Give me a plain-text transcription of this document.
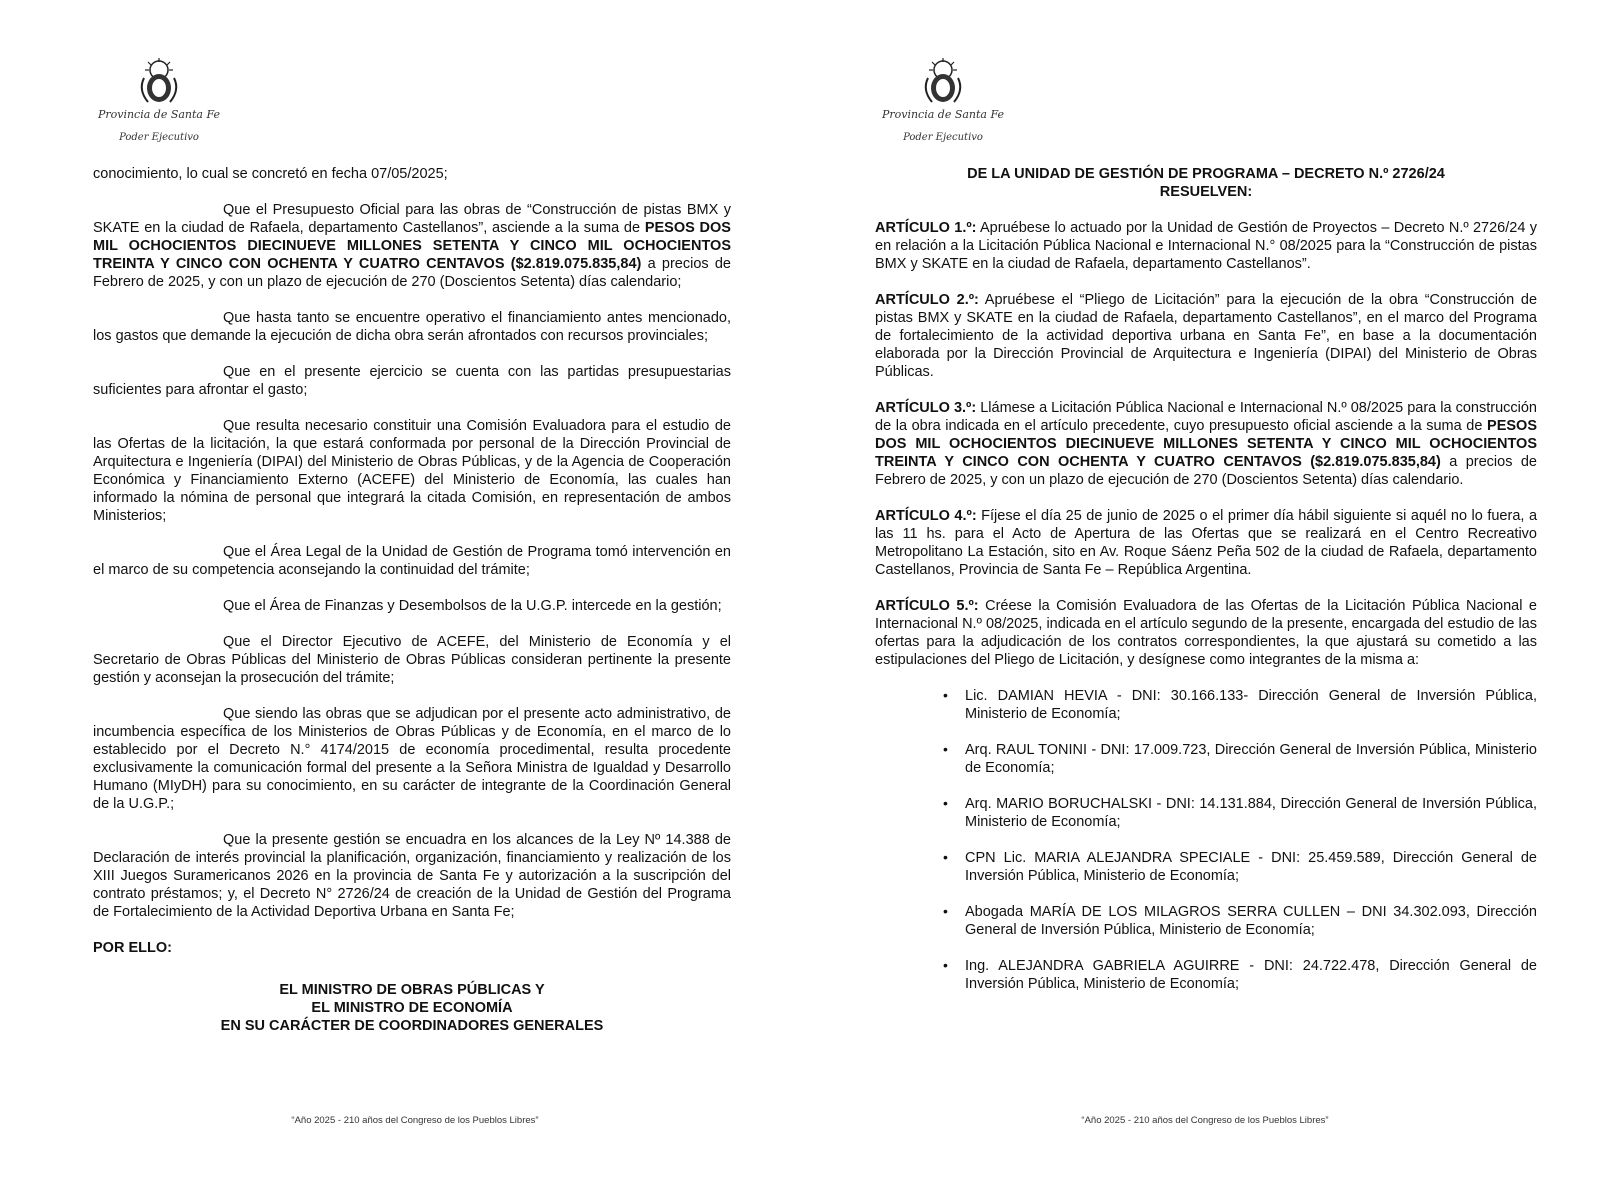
Provincia de Santa Fe
Poder Ejecutivo

conocimiento, lo cual se concretó en fecha 07/05/2025;

Que el Presupuesto Oficial para las obras de “Construcción de pistas BMX y SKATE en la ciudad de Rafaela, departamento Castellanos”, asciende a la suma de PESOS DOS MIL OCHOCIENTOS DIECINUEVE MILLONES SETENTA Y CINCO MIL OCHOCIENTOS TREINTA Y CINCO CON OCHENTA Y CUATRO CENTAVOS ($2.819.075.835,84) a precios de Febrero de 2025, y con un plazo de ejecución de 270 (Doscientos Setenta) días calendario;

Que hasta tanto se encuentre operativo el financiamiento antes mencionado, los gastos que demande la ejecución de dicha obra serán afrontados con recursos provinciales;

Que en el presente ejercicio se cuenta con las partidas presupuestarias suficientes para afrontar el gasto;

Que resulta necesario constituir una Comisión Evaluadora para el estudio de las Ofertas de la licitación, la que estará conformada por personal de la Dirección Provincial de Arquitectura e Ingeniería (DIPAI) del Ministerio de Obras Públicas, y de la Agencia de Cooperación Económica y Financiamiento Externo (ACEFE) del Ministerio de Economía, las cuales han informado la nómina de personal que integrará la citada Comisión, en representación de ambos Ministerios;

Que el Área Legal de la Unidad de Gestión de Programa tomó intervención en el marco de su competencia aconsejando la continuidad del trámite;

Que el Área de Finanzas y Desembolsos de la U.G.P. intercede en la gestión;

Que el Director Ejecutivo de ACEFE, del Ministerio de Economía y el Secretario de Obras Públicas del Ministerio de Obras Públicas consideran pertinente la presente gestión y aconsejan la prosecución del trámite;

Que siendo las obras que se adjudican por el presente acto administrativo, de incumbencia específica de los Ministerios de Obras Públicas y de Economía, en el marco de lo establecido por el Decreto N.° 4174/2015 de economía procedimental, resulta procedente exclusivamente la comunicación formal del presente a la Señora Ministra de Igualdad y Desarrollo Humano (MIyDH) para su conocimiento, en su carácter de integrante de la Coordinación General de la U.G.P.;

Que la presente gestión se encuadra en los alcances de la Ley Nº 14.388 de Declaración de interés provincial la planificación, organización, financiamiento y realización de los XIII Juegos Suramericanos 2026 en la provincia de Santa Fe y autorización a la suscripción del contrato préstamos; y, el Decreto N° 2726/24 de creación de la Unidad de Gestión del Programa de Fortalecimiento de la Actividad Deportiva Urbana en Santa Fe;

POR ELLO:
EL MINISTRO DE OBRAS PÚBLICAS Y
EL MINISTRO DE ECONOMÍA
EN SU CARÁCTER DE COORDINADORES GENERALES
“Año 2025 - 210 años del Congreso de los Pueblos Libres”
Provincia de Santa Fe
Poder Ejecutivo
DE LA UNIDAD DE GESTIÓN DE PROGRAMA – DECRETO N.º 2726/24
RESUELVEN:

ARTÍCULO 1.º: Apruébese lo actuado por la Unidad de Gestión de Proyectos – Decreto N.º 2726/24 y en relación a la Licitación Pública Nacional e Internacional N.° 08/2025 para la “Construcción de pistas BMX y SKATE en la ciudad de Rafaela, departamento Castellanos”.

ARTÍCULO 2.º: Apruébese el “Pliego de Licitación” para la ejecución de la obra “Construcción de pistas BMX y SKATE en la ciudad de Rafaela, departamento Castellanos”, en el marco del Programa de fortalecimiento de la actividad deportiva urbana en Santa Fe”, en base a la documentación elaborada por la Dirección Provincial de Arquitectura e Ingeniería (DIPAI) del Ministerio de Obras Públicas.

ARTÍCULO 3.º: Llámese a Licitación Pública Nacional e Internacional N.º 08/2025 para la construcción de la obra indicada en el artículo precedente, cuyo presupuesto oficial asciende a la suma de PESOS DOS MIL OCHOCIENTOS DIECINUEVE MILLONES SETENTA Y CINCO MIL OCHOCIENTOS TREINTA Y CINCO CON OCHENTA Y CUATRO CENTAVOS ($2.819.075.835,84) a precios de Febrero de 2025, y con un plazo de ejecución de 270 (Doscientos Setenta) días calendario.

ARTÍCULO 4.º: Fíjese el día 25 de junio de 2025 o el primer día hábil siguiente si aquél no lo fuera, a las 11 hs. para el Acto de Apertura de las Ofertas que se realizará en el Centro Recreativo Metropolitano La Estación, sito en Av. Roque Sáenz Peña 502 de la ciudad de Rafaela, departamento Castellanos, Provincia de Santa Fe – República Argentina.

ARTÍCULO 5.º: Créese la Comisión Evaluadora de las Ofertas de la Licitación Pública Nacional e Internacional N.º 08/2025, indicada en el artículo segundo de la presente, encargada del estudio de las ofertas para la adjudicación de los contratos correspondientes, la que ajustará su cometido a las estipulaciones del Pliego de Licitación, y desígnese como integrantes de la misma a:

• Lic. DAMIAN HEVIA - DNI: 30.166.133- Dirección General de Inversión Pública, Ministerio de Economía;
• Arq. RAUL TONINI - DNI: 17.009.723, Dirección General de Inversión Pública, Ministerio de Economía;
• Arq. MARIO BORUCHALSKI - DNI: 14.131.884, Dirección General de Inversión Pública, Ministerio de Economía;
• CPN Lic. MARIA ALEJANDRA SPECIALE - DNI: 25.459.589, Dirección General de Inversión Pública, Ministerio de Economía;
• Abogada MARÍA DE LOS MILAGROS SERRA CULLEN – DNI 34.302.093, Dirección General de Inversión Pública, Ministerio de Economía;
• Ing. ALEJANDRA GABRIELA AGUIRRE - DNI: 24.722.478, Dirección General de Inversión Pública, Ministerio de Economía;
“Año 2025 - 210 años del Congreso de los Pueblos Libres”
